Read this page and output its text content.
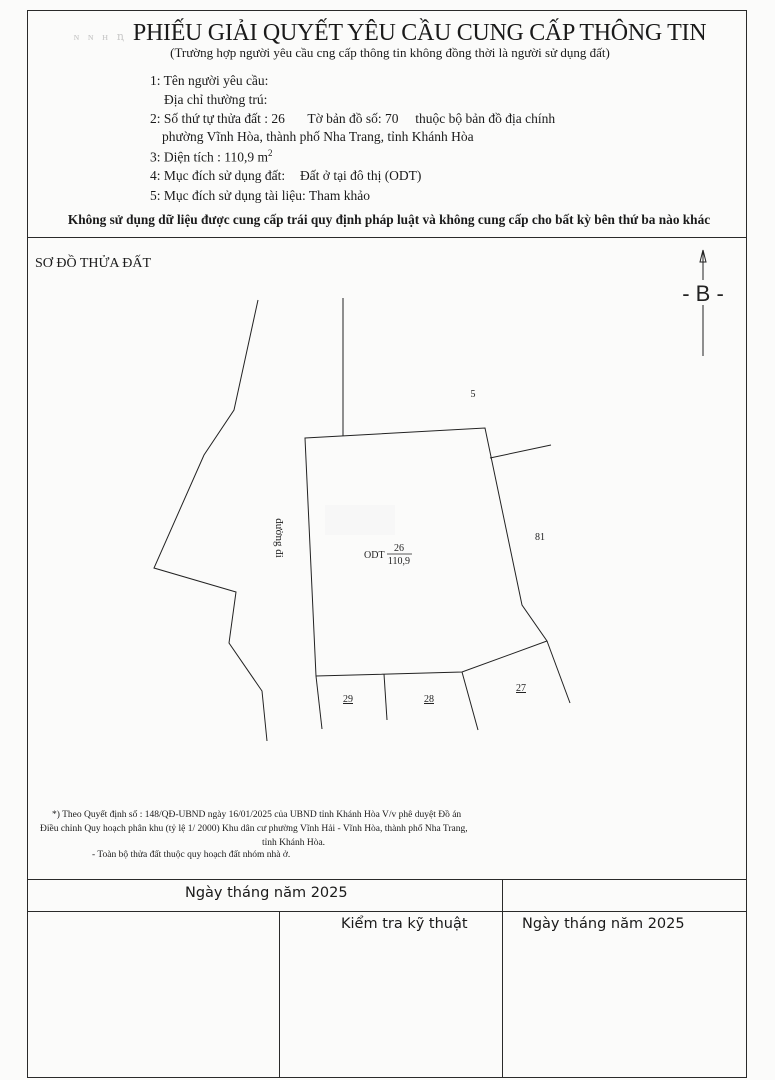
ɴ ɴ ʜ ꞑ PHIẾU GIẢI QUYẾT YÊU CẦU CUNG CẤP THÔNG TIN
(Trường hợp người yêu cầu cng cấp thông tin không đồng thời là người sử dụng đất)
1: Tên người yêu cầu:
Địa chỉ thường trú:
2: Số thứ tự thửa đất : 26 Tờ bản đồ số: 70 thuộc bộ bản đồ địa chính
phường Vĩnh Hòa, thành phố Nha Trang, tỉnh Khánh Hòa
3: Diện tích : 110,9 $m^2$
4: Mục đích sử dụng đất: Đất ở tại đô thị (ODT)
5: Mục đích sử dụng tài liệu: Tham khảo
Không sử dụng dữ liệu được cung cấp trái quy định pháp luật và không cung cấp cho bất kỳ bên thứ ba nào khác
SƠ ĐỒ THỬA ĐẤT
- B -
đường đi	ODT
26
110,9
5
81
29	28
27
*) Theo Quyết định số : 148/QĐ-UBND ngày 16/01/2025 của UBND tỉnh Khánh Hòa V/v phê duyệt Đồ án
Điều chỉnh Quy hoạch phân khu (tỷ lệ 1/ 2000) Khu dân cư phường Vĩnh Hải - Vĩnh Hòa, thành phố Nha Trang,
tỉnh Khánh Hòa.
- Toàn bộ thửa đất thuộc quy hoạch đất nhóm nhà ở.
Ngày tháng năm 2025
Kiểm tra kỹ thuật	Ngày tháng năm 2025
